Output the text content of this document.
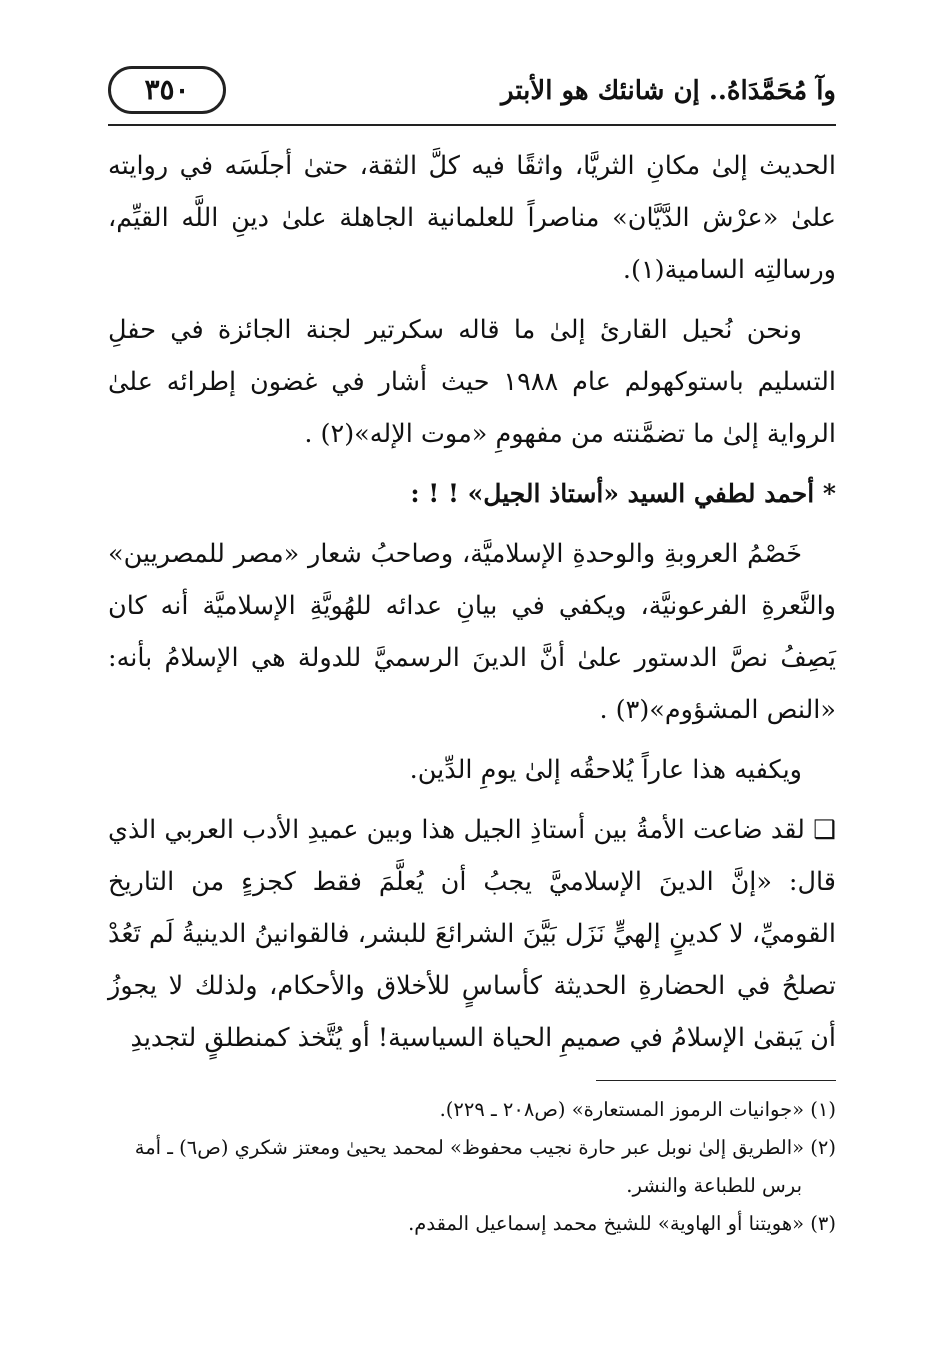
وآ مُحَمَّدَاهُ.. إن شانئك هو الأبتر
٣٥٠

الحديث إلىٰ مكانِ الثريَّا، واثقًا فيه كلَّ الثقة، حتىٰ أجلَسَه في روايته علىٰ «عرْش الدَّيَّان» مناصراً للعلمانية الجاهلة علىٰ دينِ اللَّه القيِّم، ورسالتِه السامية(١).

ونحن نُحيل القارئ إلىٰ ما قاله سكرتير لجنة الجائزة في حفلِ التسليم باستوكهولم عام ١٩٨٨ حيث أشار في غضون إطرائه علىٰ الرواية إلىٰ ما تضمَّنته من مفهومِ «موت الإله»(٢) .

* أحمد لطفي السيد «أستاذ الجيل» ! ! :

خَصْمُ العروبةِ والوحدةِ الإسلاميَّة، وصاحبُ شعار «مصر للمصريين» والنَّعرةِ الفرعونيَّة، ويكفي في بيانِ عدائه للهُويَّةِ الإسلاميَّة أنه كان يَصِفُ نصَّ الدستور علىٰ أنَّ الدينَ الرسميَّ للدولة هي الإسلامُ بأنه: «النص المشؤوم»(٣) .

ويكفيه هذا عاراً يُلاحقُه إلىٰ يومِ الدِّين.

❑ لقد ضاعت الأمةُ بين أستاذِ الجيل هذا وبين عميدِ الأدب العربي الذي قال: «إنَّ الدينَ الإسلاميَّ يجبُ أن يُعلَّمَ فقط كجزءٍ من التاريخ القوميِّ، لا كدينٍ إلهيٍّ نَزَل بَيَّنَ الشرائعَ للبشر، فالقوانينُ الدينيةُ لَم تَعُدْ تصلحُ في الحضارةِ الحديثة كأساسٍ للأخلاق والأحكام، ولذلك لا يجوزُ أن يَبقىٰ الإسلامُ في صميمِ الحياة السياسية! أو يُتَّخذ كمنطلقٍ لتجديدِ

(١) «جوانيات الرموز المستعارة» (ص٢٠٨ ـ ٢٢٩).

(٢) «الطريق إلىٰ نوبل عبر حارة نجيب محفوظ» لمحمد يحيىٰ ومعتز شكري (ص٦) ـ أمة

برس للطباعة والنشر.

(٣) «هويتنا أو الهاوية» للشيخ محمد إسماعيل المقدم.
